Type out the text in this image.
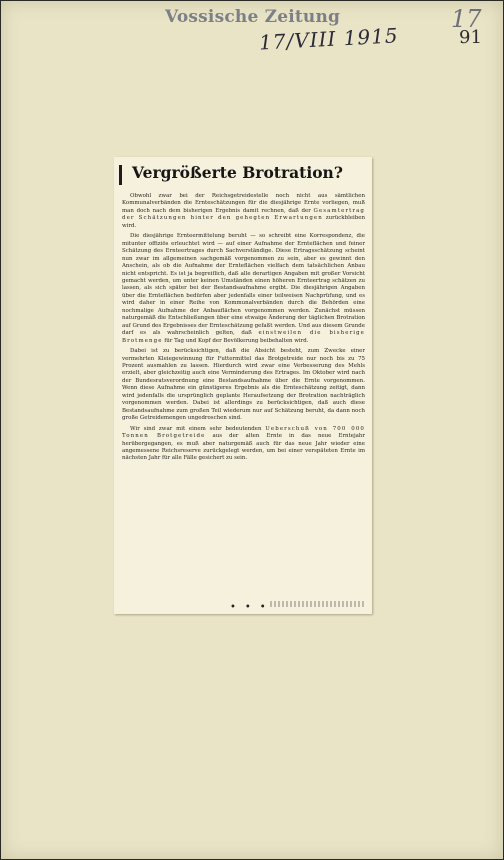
Vossische Zeitung
17/VIII 1915
17
91
Vergrößerte Brotration?

Obwohl zwar bei der Reichsgetreidestelle noch nicht aus sämtlichen Kommunalverbänden die Ernteschätzungen für die diesjährige Ernte vorliegen, muß man doch nach dem bisherigen Ergebnis damit rechnen, daß der Gesamtertrag der Schätzungen hinter den gehegten Erwartungen zurückbleiben wird.

Die diesjährige Ernteermittelung beruht — so schreibt eine Korrespondenz, die mitunter offiziös erleuchtet wird — auf einer Aufnahme der Ernteflächen und feiner Schätzung des Ernteertrages durch Sachverständige. Diese Ertragsschätzung scheint nun zwar im allgemeinen sachgemäß vorgenommen zu sein, aber es gewinnt den Anschein, als ob die Aufnahme der Ernteflächen vielfach dem tatsächlichen Anbau nicht entspricht. Es ist ja begreiflich, daß alle derartigen Angaben mit großer Vorsicht gemacht werden, um unter keinen Umständen einen höheren Ernteertrag schätzen zu lassen, als sich später bei der Bestandsaufnahme ergibt. Die diesjährigen Angaben über die Ernteflächen bedürfen aber jedenfalls einer teilweisen Nachprüfung, und es wird daher in einer Reihe von Kommunalverbänden durch die Behörden eine nochmalige Aufnahme der Anbauflächen vorgenommen werden. Zunächst müssen naturgemäß die Entschließungen über eine etwaige Änderung der täglichen Brotration auf Grund des Ergebnisses der Ernteschätzung gefaßt werden. Und aus diesem Grunde darf es als wahrscheinlich gelten, daß einstweilen die bisherige Brotmenge für Tag und Kopf der Bevölkerung beibehalten wird.

Dabei ist zu berücksichtigen, daß die Absicht besteht, zum Zwecke einer vermehrten Kleiegewinnung für Futtermittel das Brotgetreide nur noch bis zu 75 Prozent ausmahlen zu lassen. Hierdurch wird zwar eine Verbesserung des Mehls erzielt, aber gleichzeitig auch eine Verminderung des Ertrages. Im Oktober wird nach der Bundesratsverordnung eine Bestandsaufnahme über die Ernte vorgenommen. Wenn diese Aufnahme ein günstigeres Ergebnis als die Ernteschätzung zeitigt, dann wird jedenfalls die ursprünglich geplante Heraufsetzung der Brotration nachträglich vorgenommen werden. Dabei ist allerdings zu berücksichtigen, daß auch diese Bestandsaufnahme zum großen Teil wiederum nur auf Schätzung beruht, da dann noch große Getreidemengen ungedroschen sind.

Wir sind zwar mit einem sehr bedeutenden Ueberschuß von 700 000 Tonnen Brotgetreide aus der alten Ernte in das neue Erntejahr herübergegangen, es muß aber naturgemäß auch für das neue Jahr wieder eine angemessene Reichsreserve zurückgelegt werden, um bei einer verspäteten Ernte im nächsten Jahr für alle Fälle gesichert zu sein.

•••
